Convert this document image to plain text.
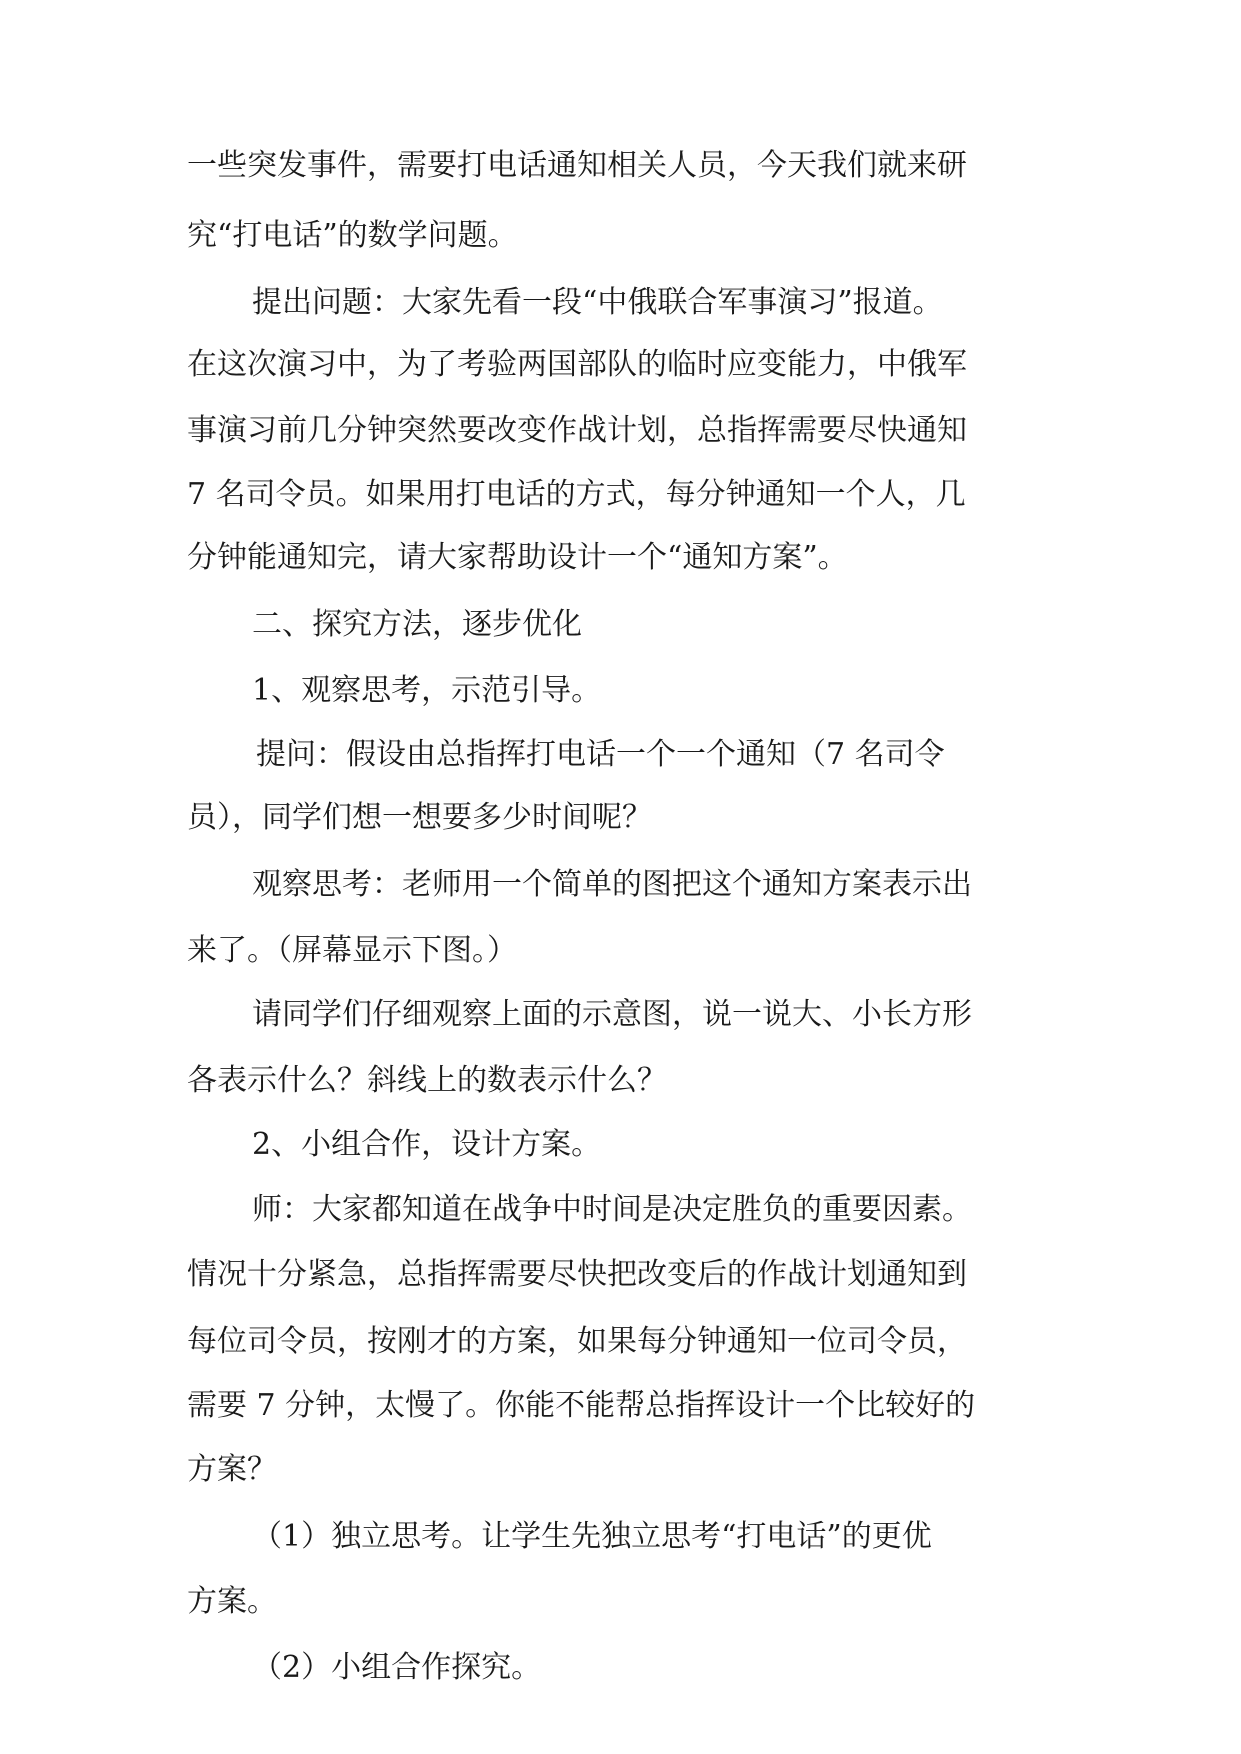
一些突发事件，需要打电话通知相关人员，今天我们就来研

究“打电话”的数学问题。

提出问题：大家先看一段“中俄联合军事演习”报道。

在这次演习中，为了考验两国部队的临时应变能力，中俄军

事演习前几分钟突然要改变作战计划，总指挥需要尽快通知

7 名司令员。如果用打电话的方式，每分钟通知一个人，几

分钟能通知完，请大家帮助设计一个“通知方案”。

二、探究方法，逐步优化

1、观察思考，示范引导。

提问：假设由总指挥打电话一个一个通知（7 名司令

员），同学们想一想要多少时间呢？

观察思考：老师用一个简单的图把这个通知方案表示出

来了。（屏幕显示下图。）

请同学们仔细观察上面的示意图，说一说大、小长方形

各表示什么？斜线上的数表示什么？

2、小组合作，设计方案。

师：大家都知道在战争中时间是决定胜负的重要因素。

情况十分紧急，总指挥需要尽快把改变后的作战计划通知到

每位司令员，按刚才的方案，如果每分钟通知一位司令员，

需要 7 分钟，太慢了。你能不能帮总指挥设计一个比较好的

方案？

（1）独立思考。让学生先独立思考“打电话”的更优

方案。

（2）小组合作探究。
